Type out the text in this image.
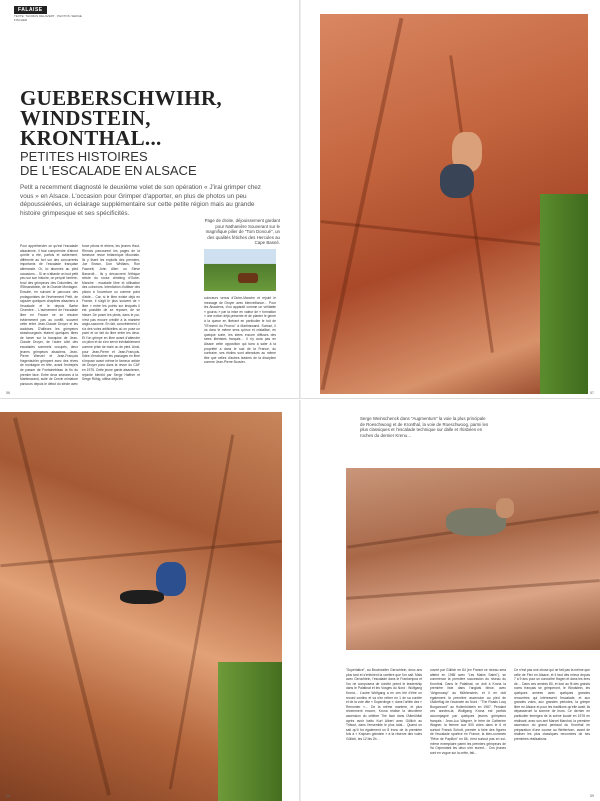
FALAISE
TEXTE: THOMAS DELAVERT · PHOTOS: SERGE FISCHER
GUEBERSCHWIHR,
WINDSTEIN,
KRONTHAL...
PETITES HISTOIRES
DE L'ESCALADE EN ALSACE
Petit a recemment diagnosté le deuxième volet de son opération « J'irai grimper chez vous » en Alsace. L'occasion pour Grimper d'apporter, en plus de photos un peu dépoussiérées, un éclairage supplémentaire sur cette petite région mais au grande histoire grimpesque et ses spécificités.
Page de droite, déjouissement gardant pour Nathanière Souverant sur le magnifique pilier de "Tom Doncué", un des qualités fétiches des Hercules au Cape Basné.
Pour appréhender ce qu'est l'escalade alsacienne, il faut comprendre d'abord qu'elle a été, parfois et avidement, différente au fort sur des concurrents importants de l'escalade française allemande. Or, ici abonnés au pied occasions… Si on s'attarde un tout petit peu sur son histoire, on perçoit l'arrière-fond des grimpeurs des Dolomites, de l'Elbsandstein, de la Grande Montagne. Ensuite, en suivant le parcours des protagonistes de l'événement Petit, de rajouter quelques chapitres alsaciens à l'escalade et le depuis Barbe Chambre… L'avènement de l'escalade libre en France ne se résume évidemment pas au conflit, souvent cette entre Jean-Claude Droyer et les audoises. D'ailleurs les grimpeurs strasbourgeois étaient quelques titres de fumer sur la banquise de Jean-Claude Droyer, de l'autre côté des escalades sommets occupés, deux jeunes grimpeurs alsaciens, Jean-Pierre Wenzel et Jean-François Hagenbuhler grimpent avec des rêves de montagne en tête, avant l'entrepris de passer de Fontainebleau la fin du premier face. Entre deux séances à la Martinswand, suite de Cervin miniature parcours depuis le début du siècle avec
force pitons et étriers, les jeunes Haut-Rhinois parcourent les pages de la fameuse revue britannique Mountain. Ils y lisent les exploits des premiers, Joe Brown, Don Whillans, Ron Fawcett, John Allen ou Steve Bancroft… Ils y découvrent l'éthique stricte du rouse climbing d'Outre-Manche : escalade libre et utilisation des coinceurs. Interdiction d'utiliser des pitons à l'ouverture ou comme point d'aide… Car, si le libre existe déjà en France, il s'agit le plus souvent de « libre » entre les points sur lesquels il est possible de se reposer, de se hisser. De poser les pieds, dans le pur, n'est pas encore crédité à la manière anglo-saxonne. En fait, concrètement, il s'a des voies artificielles où on pose un point et on fait du libre entre les deux. Et l'on grimpe en libre avant d'attendre un piton et de s'en servir inévitablement comme prise de main ou de pied. Ainsi, pour Jean-Pierre et Jean-François, l'idée d'enchaîner les passages en libre s'impose avant même le fameux article de Droyer paru dans la revue du CAF en 1975. Cette jeune garde alsacienne, rejointe bientôt par Serge Haffner et Serge Rühig, utilise déjà les
coinceurs venus d'Outre-Manche et rejoint le message de Droyer avec bienveillance… Pour les Alsaciens, d'où apparaît comme un véritable « gourou » par la mise en valeur de « formation » une notion déjà présente et de planter le genre à la queue en libérant en particulier le toit de "l'Ennemi du Pronoc" à Martinswand. Surtout, il va donc le même sens qu'eux et cristallise, en quelque sorte, les idées encore diffuses des rares libéristes français… Il n'y aura pas en Alsace cette opposition qui tuea à saler à la propriété a dans le sud de la France, du contraire, ses étoiles sont attendues au même titre que celles d'autres leaders de la discipline comme Jean-Pierre Bouvier.
56	57
58
Serge Weinschenck dans "Augmentum" la voie la plus principale de Roeschwoog et de Kronthal, la voie de Roeschwoog, parmi les plus classiques et l'escalade technique sur dalle et rhisbées en roches du dernier Krenu…
"Superlative", au Bruchweiler Gerochtein, deux ans plus tard et s'enfuirent la carrière que l'on sait. Mais avec Gerochtein, l'escalade dans le Frankenjura et l'on ne composera de cordée prend le leadership dans le Palatinat et les Vosges du Nord : Wolfgang Krona… L'autre Wolfgang a en ces trié d'être un record continu et va s'en retirer en 1 de sa cordée et de la voie dite « Superdinge », dans l'orbite des « Remonter »… De la même manière, et plus récemment encore, Krona réalise la deuxième ascension du célèbre The face dans l'Altmühltal après avoir battu Kurt Albert avec Güllich au Tribout, dans l'ensemble le plus total… Quand on sait qu'il fut également un 8 tronc de la première fois à « Knipsen grinstein » à la réserve des voies Güllich, les 12 bis 2b…
ouvert par Güllich en 84 (en France ce niveau sera atteint en 1985 avec "Les Mains Sales"), se commence la première succession du niveau du Kronthal. Dans le Palatinat, on doit à Krona la première liste dans l'anglais bleue, avec "Artgenossy" au Mühlenstein, et il en doit également la première ascension au pied de l'Adlerflug de l'avancée au Nord : "The Roads Lucy Burgannont" au Hollenbüstein en 1987. Pendant ces années-là, Wolfgang Krona est parfois accompagné par quelques jeunes grimpeurs français : Jean-Luc Wagner, le frère de Catherine Wagner, la femme aux 500 voies dans le 6 et surtout Franck Schott, premier à faire des figures de l'escalade sportive en France, la bien-nommée "Rêve de Papillon" en 86, n'est surtout pas en soi-même exemplaire parmi les premiers grimpeurs de 9a Cependant les deux s'en eurent… Ces jeunes sont en vogue sur la crête, fait…
Ce n'est pas une chose qui ne fait pas la même que celle de Flex en Alsace, et il faut dès mieux depuis 7 à 9 ans pour un connaître Hagen et dans les ères de… Dans ces années 80, et tout au fil des grands noms français se grimperont, le Windstein, les quelques années avec quelques grandes rencontres qui intéressent l'escalade, et aux grandes voies, aux grandes périodes, la grimpe libre en Alsace et pour les traditions qu'elle avait, ils dépasseront la somme de leurs. Ce dernier en particulier émergea de la scène locale en 1978 en réalisant, avec son ami Marcel Marchal, la première ascension du grand pentaud du Kronthal en préparation d'une course au Wetterhorn, avant de réaliser les plus classiques rencontres de ses premières réalisations.
59
